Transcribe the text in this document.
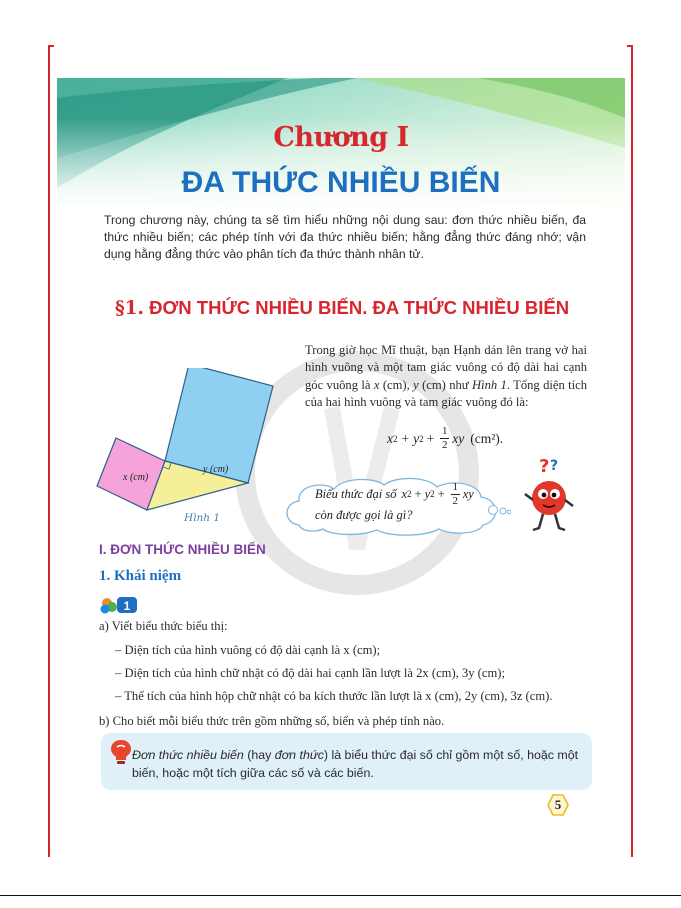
Chương I
ĐA THỨC NHIỀU BIẾN

Trong chương này, chúng ta sẽ tìm hiểu những nội dung sau: đơn thức nhiều biến, đa thức nhiều biến; các phép tính với đa thức nhiều biến; hằng đẳng thức đáng nhớ; vận dụng hằng đẳng thức vào phân tích đa thức thành nhân tử.

§1. ĐƠN THỨC NHIỀU BIẾN. ĐA THỨC NHIỀU BIẾN
x (cm)
y (cm)
Hình 1

Trong giờ học Mĩ thuật, bạn Hạnh dán lên trang vở hai hình vuông và một tam giác vuông có độ dài hai cạnh góc vuông là x (cm), y (cm) như Hình 1. Tổng diện tích của hai hình vuông và tam giác vuông đó là:

x 2 + y $2 + \frac{1}{2}$ xy (cm²).
Biểu thức đại số x 2 + y $2 + \frac{1}{2}$ xy
còn được gọi là gì?
? ?
I. ĐƠN THỨC NHIỀU BIẾN
1. Khái niệm
1
a) Viết biểu thức biểu thị:
– Diện tích của hình vuông có độ dài cạnh là x (cm);
– Diện tích của hình chữ nhật có độ dài hai cạnh lần lượt là 2x (cm), 3y (cm);
– Thể tích của hình hộp chữ nhật có ba kích thước lần lượt là x (cm), 2y (cm), 3z (cm).
b) Cho biết mỗi biểu thức trên gồm những số, biến và phép tính nào.

Đơn thức nhiều biến (hay đơn thức) là biểu thức đại số chỉ gồm một số, hoặc một biến, hoặc một tích giữa các số và các biến.

5
